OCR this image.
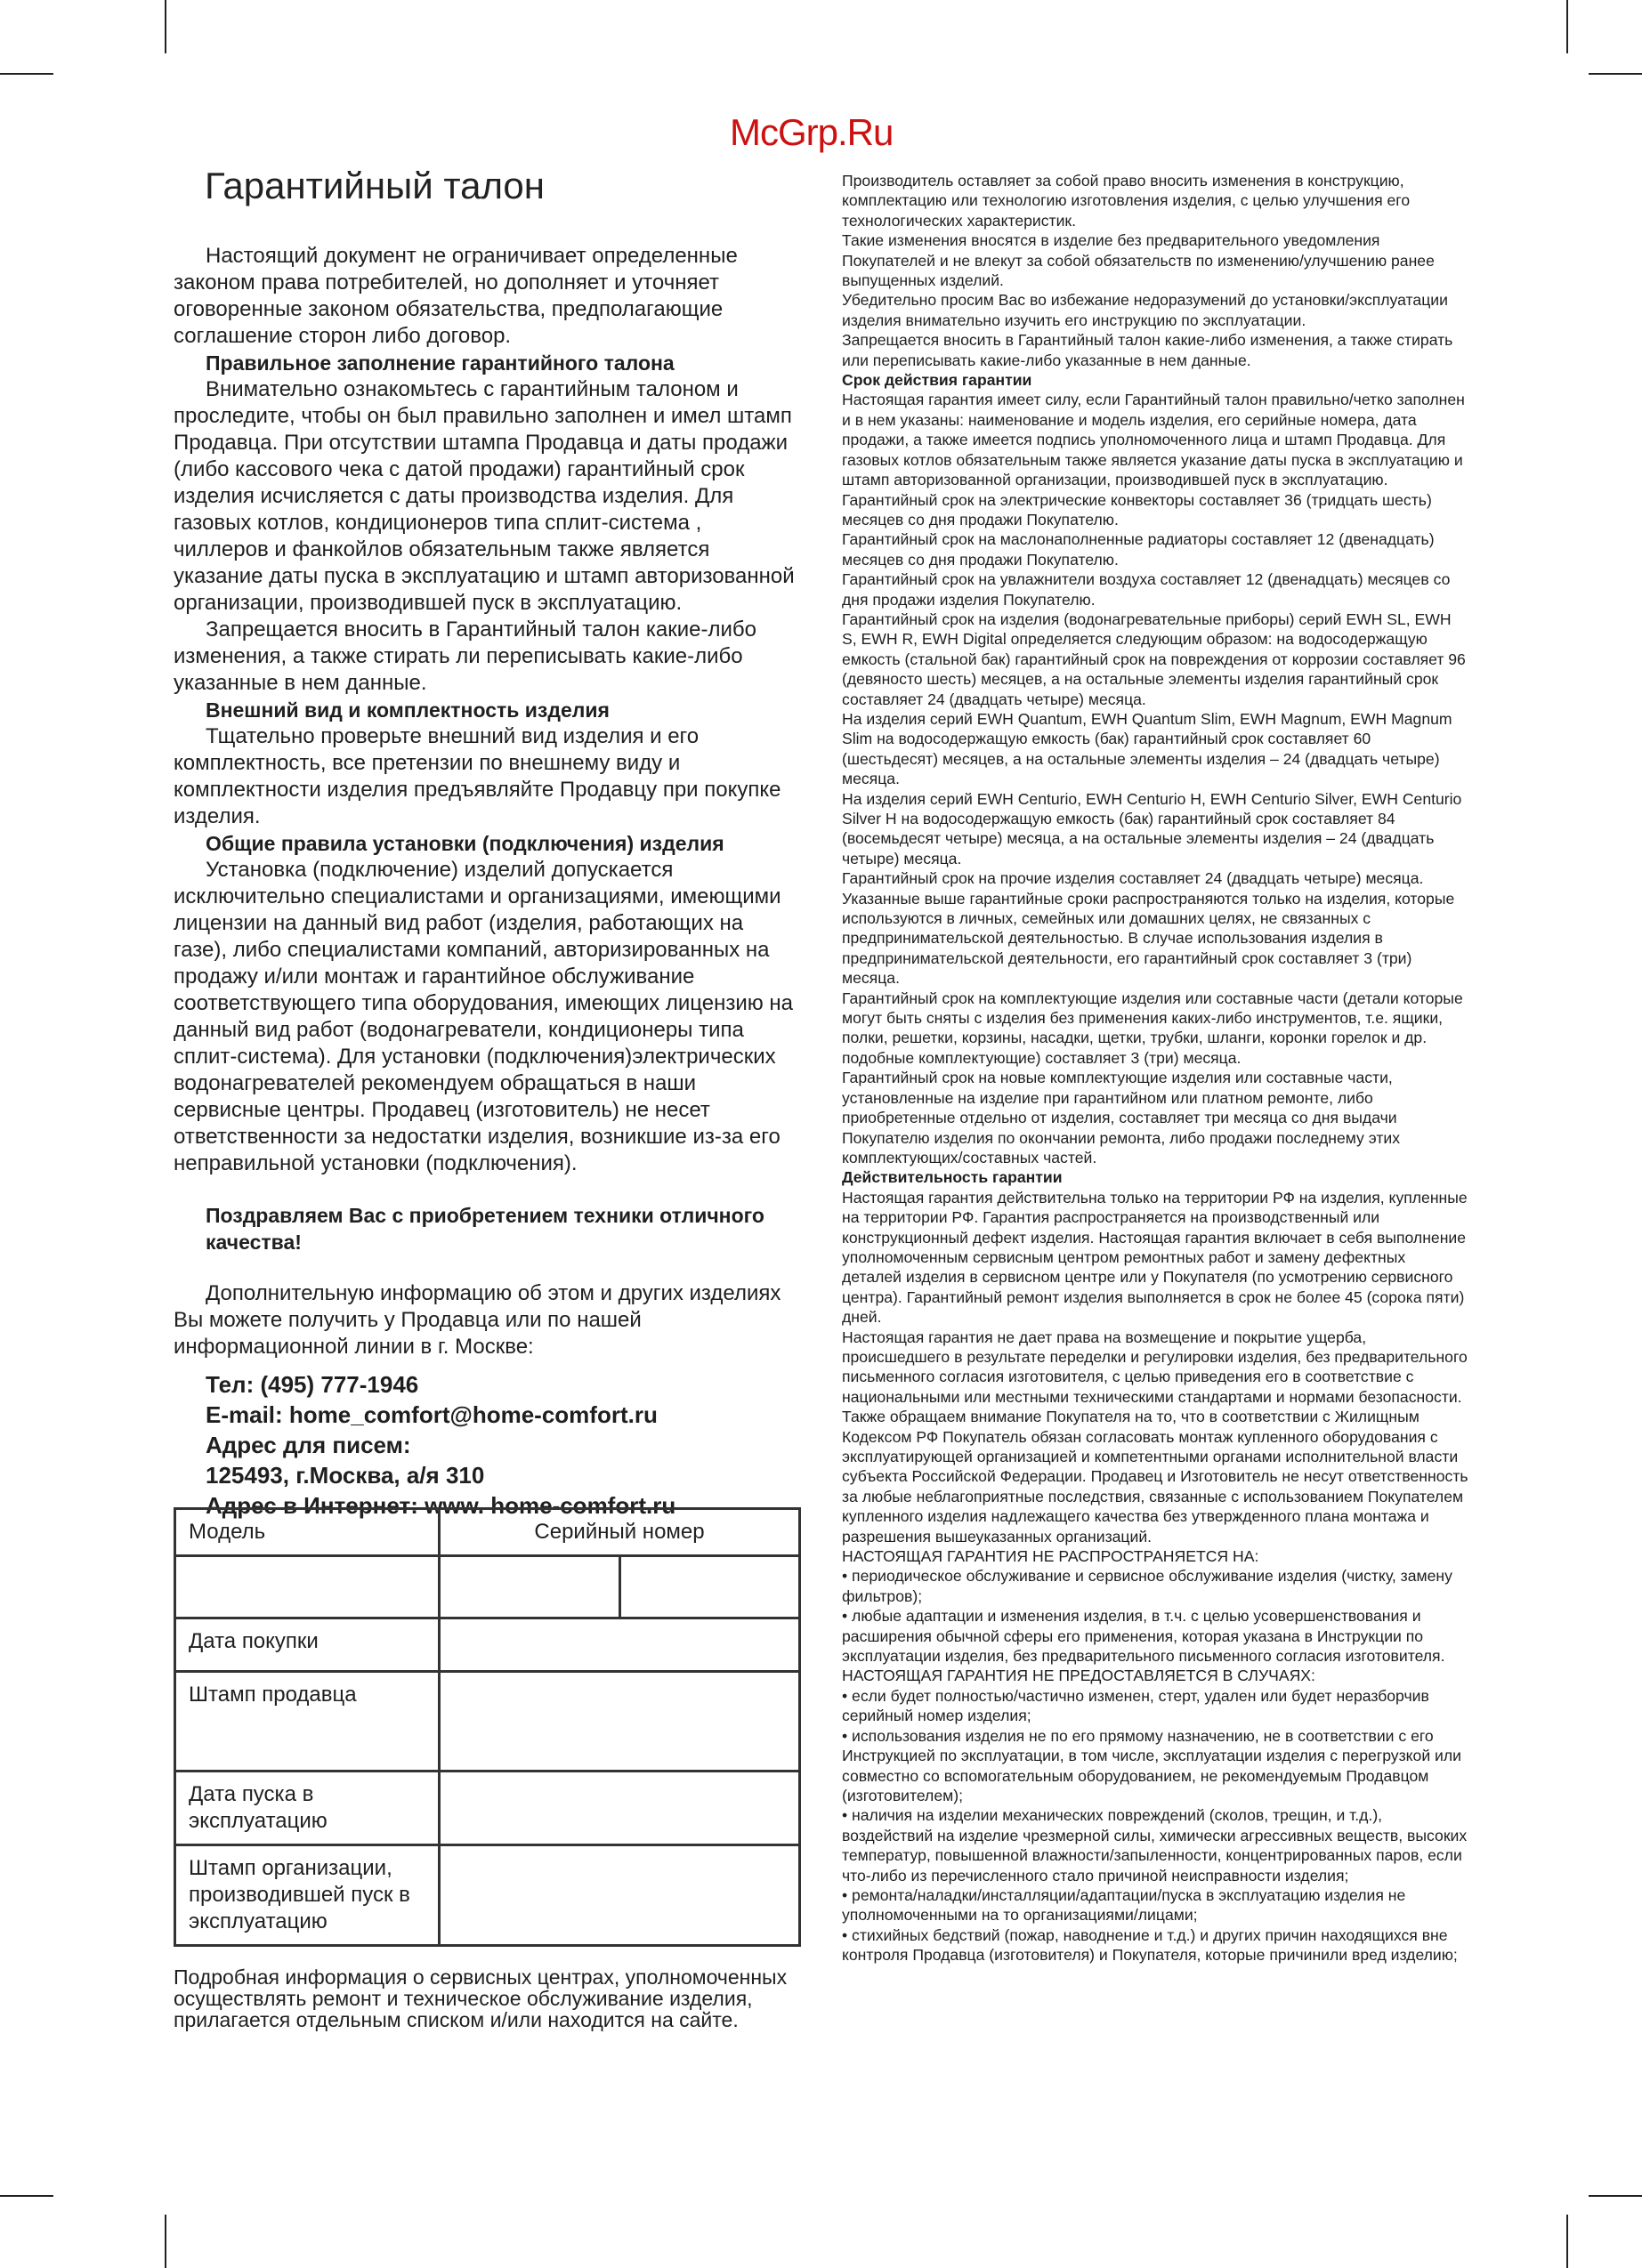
McGrp.Ru
Гарантийный талон

Настоящий документ не ограничивает определенные законом права потребителей, но дополняет и уточняет оговоренные законом обязательства, предполагающие соглашение сторон либо договор.

Правильное заполнение гарантийного талона

Внимательно ознакомьтесь с гарантийным талоном и проследите, чтобы он был правильно заполнен и имел штамп Продавца. При отсутствии штампа Продавца и даты продажи (либо кассового чека с датой продажи) гарантийный срок изделия исчисляется с даты производства изделия. Для газовых котлов, кондиционеров типа сплит-система , чиллеров и фанкойлов обязательным также является указание даты пуска в эксплуатацию и штамп авторизованной организации, производившей пуск в эксплуатацию.

Запрещается вносить в Гарантийный талон какие-либо изменения, а также стирать ли переписывать какие-либо указанные в нем данные.

Внешний вид и комплектность изделия

Тщательно проверьте внешний вид изделия и его комплектность, все претензии по внешнему виду и комплектности изделия предъявляйте Продавцу при покупке изделия.

Общие правила установки (подключения) изделия

Установка (подключение) изделий допускается исключительно специалистами и организациями, имеющими лицензии на данный вид работ (изделия, работающих на газе), либо специалистами компаний, авторизированных на продажу и/или монтаж и гарантийное обслуживание соответствующего типа оборудования, имеющих лицензию на данный вид работ (водонагреватели, кондиционеры типа сплит-система). Для установки (подключения)электрических водонагревателей рекомендуем обращаться в наши сервисные центры. Продавец (изготовитель) не несет ответственности за недостатки изделия, возникшие из-за его неправильной установки (подключения).

Поздравляем Вас с приобретением техники отличного качества!

Дополнительную информацию об этом и других изделиях Вы можете получить у Продавца или по нашей информационной линии в г. Москве:

Тел: (495) 777-1946
E-mail: home_comfort@home-comfort.ru
Адрес для писем:
125493, г.Москва, а/я 310
Адрес в Интернет: www. home-comfort.ru
Модель	Серийный номер	

Дата покупки		
Штамп продавца		
Дата пуска в эксплуатацию		
Штамп организации, производившей пуск в эксплуатацию		

Подробная информация о сервисных центрах, уполномоченных осуществлять ремонт и техническое обслуживание изделия, прилагается отдельным списком и/или находится на сайте.

Производитель оставляет за собой право вносить изменения в конструкцию, комплектацию или технологию изготовления изделия, с целью улучшения его технологических характеристик.

Такие изменения вносятся в изделие без предварительного уведомления Покупателей и не влекут за собой обязательств по изменению/улучшению ранее выпущенных изделий.

Убедительно просим Вас во избежание недоразумений до установки/эксплуатации изделия внимательно изучить его инструкцию по эксплуатации.

Запрещается вносить в Гарантийный талон какие-либо изменения, а также стирать или переписывать какие-либо указанные в нем данные.

Срок действия гарантии

Настоящая гарантия имеет силу, если Гарантийный талон правильно/четко заполнен и в нем указаны: наименование и модель изделия, его серийные номера, дата продажи, а также имеется подпись уполномоченного лица и штамп Продавца. Для газовых котлов обязательным также является указание даты пуска в эксплуатацию и штамп авторизованной организации, производившей пуск в эксплуатацию.

Гарантийный срок на электрические конвекторы составляет 36 (тридцать шесть) месяцев со дня продажи Покупателю.

Гарантийный срок на маслонаполненные радиаторы составляет 12 (двенадцать) месяцев со дня продажи Покупателю.

Гарантийный срок на увлажнители воздуха составляет 12 (двенадцать) месяцев со дня продажи изделия Покупателю.

Гарантийный срок на изделия (водонагревательные приборы) серий EWH SL, EWH S, EWH R, EWH Digital определяется следующим образом: на водосодержащую емкость (стальной бак) гарантийный срок на повреждения от коррозии составляет 96 (девяносто шесть) месяцев, а на остальные элементы изделия гарантийный срок составляет 24 (двадцать четыре) месяца.

На изделия серий EWH Quantum, EWH Quantum Slim, EWH Magnum, EWH Magnum Slim на водосодержащую емкость (бак) гарантийный срок составляет 60 (шестьдесят) месяцев, а на остальные элементы изделия – 24 (двадцать четыре) месяца.

На изделия серий EWH Centurio, EWH Centurio H, EWH Centurio Silver, EWH Centurio Silver H на водосодержащую емкость (бак) гарантийный срок составляет 84 (восемьдесят четыре) месяца, а на остальные элементы изделия – 24 (двадцать четыре) месяца.

Гарантийный срок на прочие изделия составляет 24 (двадцать четыре) месяца.

Указанные выше гарантийные сроки распространяются только на изделия, которые используются в личных, семейных или домашних целях, не связанных с предпринимательской деятельностью. В случае использования изделия в предпринимательской деятельности, его гарантийный срок составляет 3 (три) месяца.

Гарантийный срок на комплектующие изделия или составные части (детали которые могут быть сняты с изделия без применения каких-либо инструментов, т.е. ящики, полки, решетки, корзины, насадки, щетки, трубки, шланги, коронки горелок и др. подобные комплектующие) составляет 3 (три) месяца.

Гарантийный срок на новые комплектующие изделия или составные части, установленные на изделие при гарантийном или платном ремонте, либо приобретенные отдельно от изделия, составляет три месяца со дня выдачи Покупателю изделия по окончании ремонта, либо продажи последнему этих комплектующих/составных частей.

Действительность гарантии

Настоящая гарантия действительна только на территории РФ на изделия, купленные на территории РФ. Гарантия распространяется на производственный или конструкционный дефект изделия. Настоящая гарантия включает в себя выполнение уполномоченным сервисным центром ремонтных работ и замену дефектных деталей изделия в сервисном центре или у Покупателя (по усмотрению сервисного центра). Гарантийный ремонт изделия выполняется в срок не более 45 (сорока пяти) дней.

Настоящая гарантия не дает права на возмещение и покрытие ущерба, происшедшего в результате переделки и регулировки изделия, без предварительного письменного согласия изготовителя, с целью приведения его в соответствие с национальными или местными техническими стандартами и нормами безопасности. Также обращаем внимание Покупателя на то, что в соответствии с Жилищным Кодексом РФ Покупатель обязан согласовать монтаж купленного оборудования с эксплуатирующей организацией и компетентными органами исполнительной власти субъекта Российской Федерации. Продавец и Изготовитель не несут ответственность за любые неблагоприятные последствия, связанные с использованием Покупателем купленного изделия надлежащего качества без утвержденного плана монтажа и разрешения вышеуказанных организаций.

НАСТОЯЩАЯ ГАРАНТИЯ НЕ РАСПРОСТРАНЯЕТСЯ НА:

• периодическое обслуживание и сервисное обслуживание изделия (чистку, замену фильтров);

• любые адаптации и изменения изделия, в т.ч. с целью усовершенствования и расширения обычной сферы его применения, которая указана в Инструкции по эксплуатации изделия, без предварительного письменного согласия изготовителя.

НАСТОЯЩАЯ ГАРАНТИЯ НЕ ПРЕДОСТАВЛЯЕТСЯ В СЛУЧАЯХ:

• если будет полностью/частично изменен, стерт, удален или будет неразборчив серийный номер изделия;

• использования изделия не по его прямому назначению, не в соответствии с его Инструкцией по эксплуатации, в том числе, эксплуатации изделия с перегрузкой или совместно со вспомогательным оборудованием, не рекомендуемым Продавцом (изготовителем);

• наличия на изделии механических повреждений (сколов, трещин, и т.д.), воздействий на изделие чрезмерной силы, химически агрессивных веществ, высоких температур, повышенной влажности/запыленности, концентрированных паров, если что-либо из перечисленного стало причиной неисправности изделия;

• ремонта/наладки/инсталляции/адаптации/пуска в эксплуатацию изделия не уполномоченными на то организациями/лицами;

• стихийных бедствий (пожар, наводнение и т.д.) и других причин находящихся вне контроля Продавца (изготовителя) и Покупателя, которые причинили вред изделию;
